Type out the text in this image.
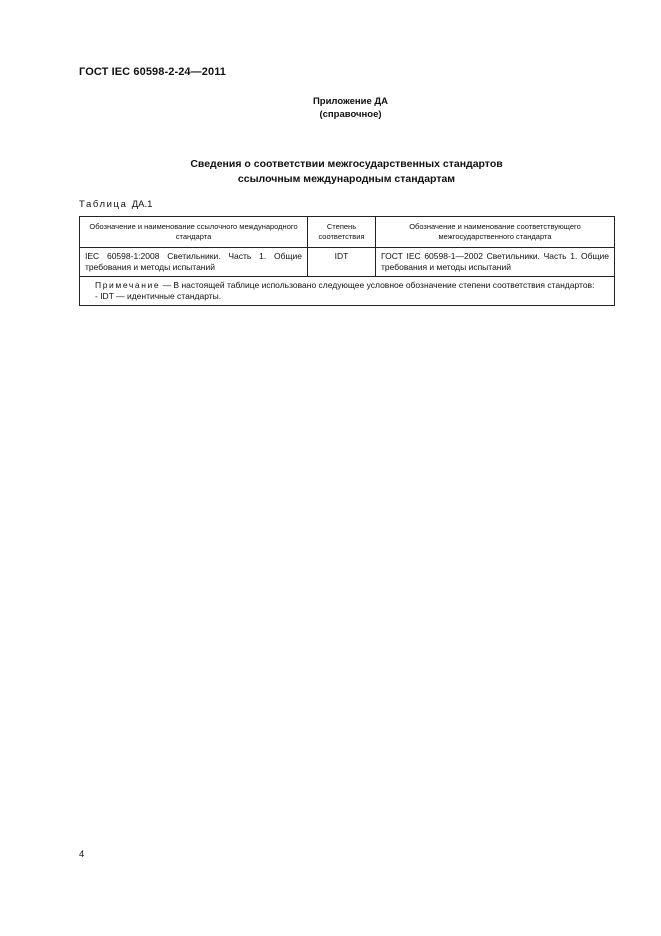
ГОСТ IEC 60598-2-24—2011
Приложение ДА
(справочное)
Сведения о соответствии межгосударственных стандартов
ссылочным международным стандартам
Таблица ДА.1
Обозначение и наименование ссылочного международного стандарта	Степень соответствия	Обозначение и наименование соответствующего межгосударственного стандарта
IEC 60598-1:2008 Светильники. Часть 1. Общие требования и методы испытаний	IDT	ГОСТ IEC 60598-1—2002 Светильники. Часть 1. Общие требования и методы испытаний
Примечание — В настоящей таблице использовано следующее условное обозначение степени соответствия стандартов:
- IDT — идентичные стандарты.		
4
